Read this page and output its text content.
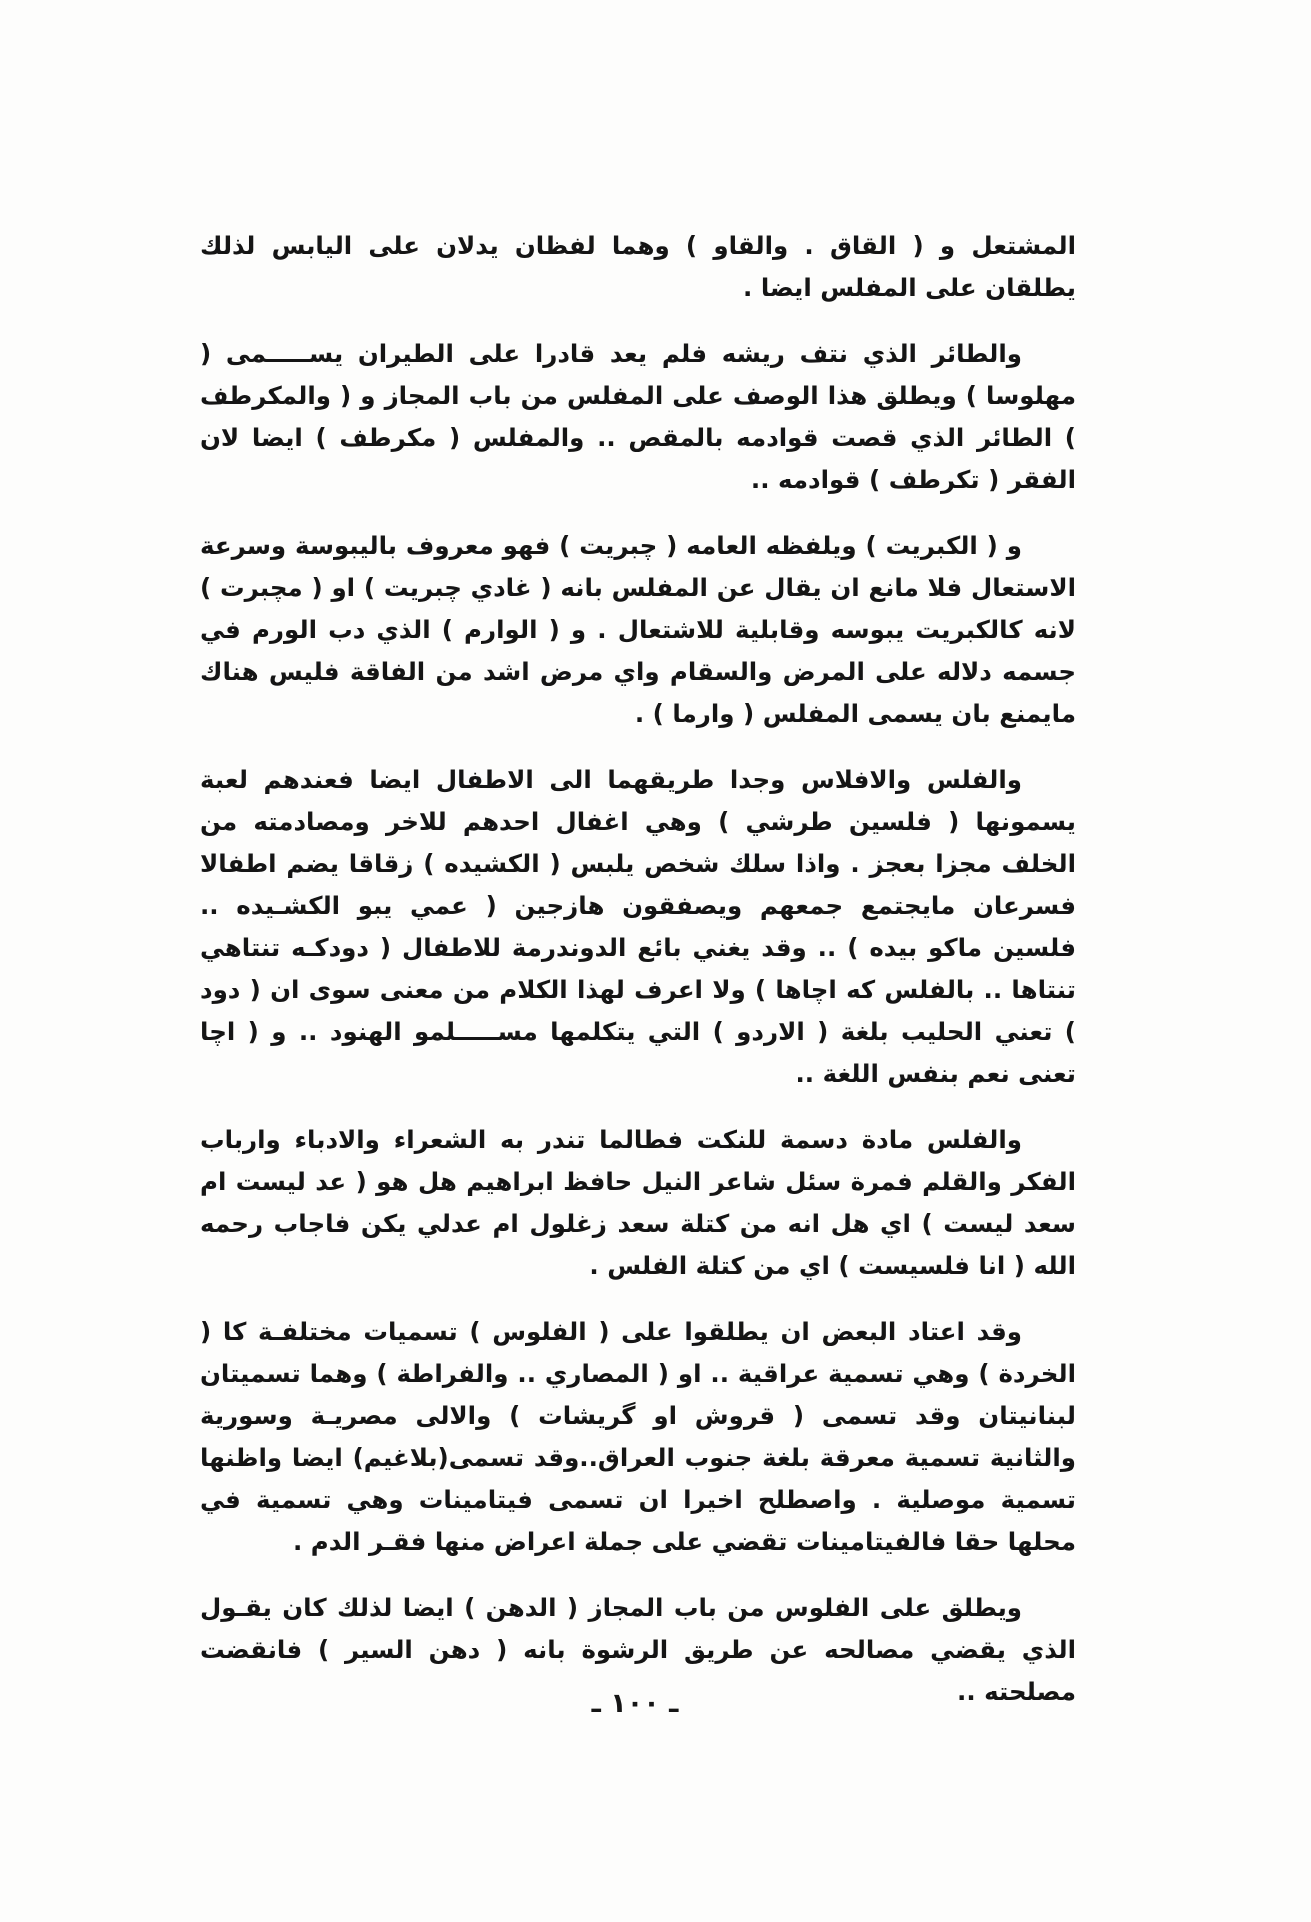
المشتعل و ( القاق . والقاو ) وهما لفظان يدلان على اليابس لذلك يطلقان على المفلس ايضا .

والطائر الذي نتف ريشه فلم يعد قادرا على الطيران يســـــمى ( مهلوسا ) ويطلق هذا الوصف على المفلس من باب المجاز و ( والمكرطف ) الطائر الذي قصت قوادمه بالمقص .. والمفلس ( مكرطف ) ايضا لان الفقر ( تكرطف ) قوادمه ..

و ( الكبريت ) ويلفظه العامه ( چبريت ) فهو معروف باليبوسة وسرعة الاستعال فلا مانع ان يقال عن المفلس بانه ( غادي چبريت ) او ( مچبرت ) لانه كالكبريت يبوسه وقابلية للاشتعال . و ( الوارم ) الذي دب الورم في جسمه دلاله على المرض والسقام واي مرض اشد من الفاقة فليس هناك مايمنع بان يسمى المفلس ( وارما ) .

والفلس والافلاس وجدا طريقهما الى الاطفال ايضا فعندهم لعبة يسمونها ( فلسين طرشي ) وهي اغفال احدهم للاخر ومصادمته من الخلف مجزا بعجز . واذا سلك شخص يلبس ( الكشيده ) زقاقا يضم اطفالا فسرعان مايجتمع جمعهم ويصفقون هازجين ( عمي يبو الكشـيده .. فلسين ماكو بيده ) .. وقد يغني بائع الدوندرمة للاطفال ( دودكـه تنتاهي تنتاها .. بالفلس كه اچاها ) ولا اعرف لهذا الكلام من معنى سوى ان ( دود ) تعني الحليب بلغة ( الاردو ) التي يتكلمها مســـــلمو الهنود .. و ( اچا تعنى نعم بنفس اللغة ..

والفلس مادة دسمة للنكت فطالما تندر به الشعراء والادباء وارباب الفكر والقلم فمرة سئل شاعر النيل حافظ ابراهيم هل هو ( عد ليست ام سعد ليست ) اي هل انه من كتلة سعد زغلول ام عدلي يكن فاجاب رحمه الله ( انا فلسيست ) اي من كتلة الفلس .

وقد اعتاد البعض ان يطلقوا على ( الفلوس ) تسميات مختلفـة كا ( الخردة ) وهي تسمية عراقية .. او ( المصاري .. والفراطة ) وهما تسميتان لبنانيتان وقد تسمى ( قروش او گريشات ) والالى مصريـة وسورية والثانية تسمية معرقة بلغة جنوب العراق..وقد تسمى(بلاغيم) ايضا واظنها تسمية موصلية . واصطلح اخيرا ان تسمى فيتامينات وهي تسمية في محلها حقا فالفيتامينات تقضي على جملة اعراض منها فقـر الدم .

ويطلق على الفلوس من باب المجاز ( الدهن ) ايضا لذلك كان يقـول الذي يقضي مصالحه عن طريق الرشوة بانه ( دهن السير ) فانقضت مصلحته ..

ـ ١٠٠ ـ
